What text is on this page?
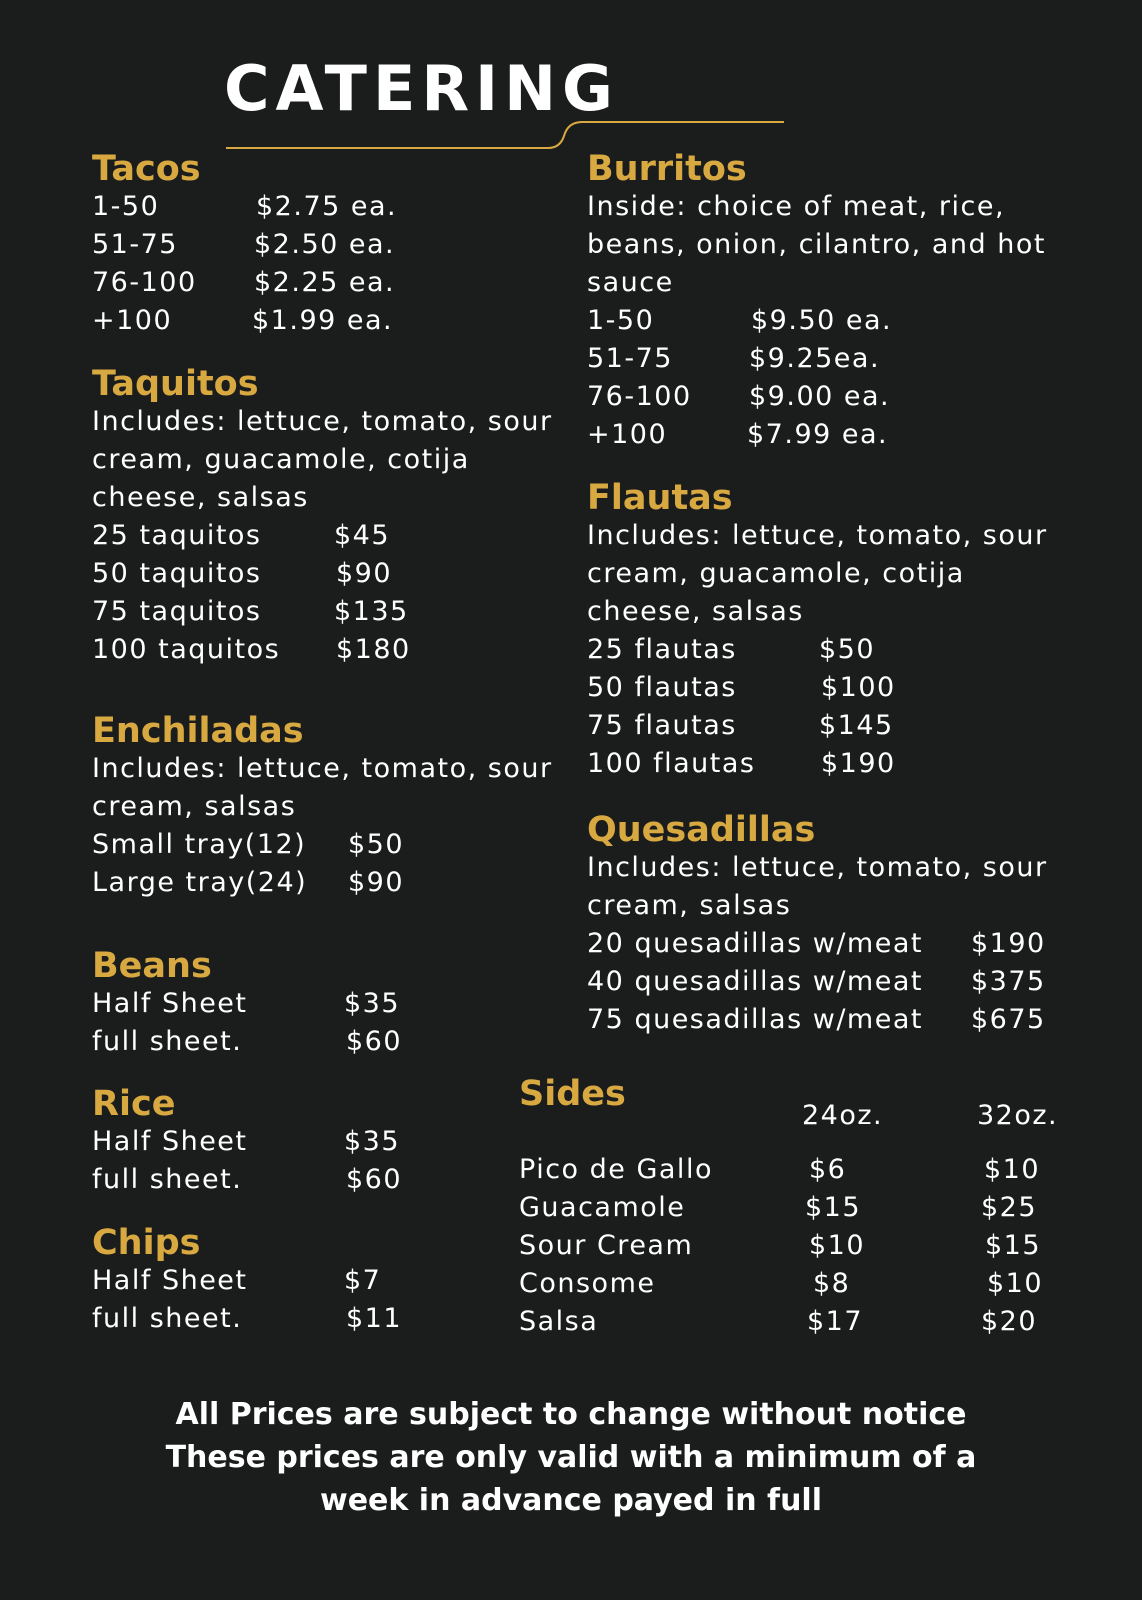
CATERING
Tacos
1-50	$2.75 ea.
51-75	$2.50 ea.
76-100 $2.25 ea.
+100	$1.99 ea.
Taquitos
Includes: lettuce, tomato, sour
cream, guacamole, cotija
cheese, salsas
25 taquitos	$45
50 taquitos	$90
75 taquitos	$135
100 taquitos $180
Enchiladas
Includes: lettuce, tomato, sour
cream, salsas
Small tray(12) $50
Large tray(24) $90
Beans
Half Sheet	$35
full sheet.	$60
Rice
Half Sheet	$35
full sheet.	$60
Chips
Half Sheet	$7
full sheet.	$11
Burritos
Inside: choice of meat, rice,
beans, onion, cilantro, and hot
sauce
1-50	$9.50 ea.
51-75	$9.25ea.
76-100 $9.00 ea.
+100	$7.99 ea.
Flautas
Includes: lettuce, tomato, sour
cream, guacamole, cotija
cheese, salsas
25 flautas	$50
50 flautas	$100
75 flautas	$145
100 flautas $190
Quesadillas
Includes: lettuce, tomato, sour
cream, salsas
20 quesadillas w/meat $190
40 quesadillas w/meat $375
75 quesadillas w/meat $675
Sides
24oz.	32oz.
Pico de Gallo	$6	$10
Guacamole	$15	$25
Sour Cream	$10	$15
Consome	$8	$10
Salsa	$17	$20
All Prices are subject to change without notice
These prices are only valid with a minimum of a
week in advance payed in full
